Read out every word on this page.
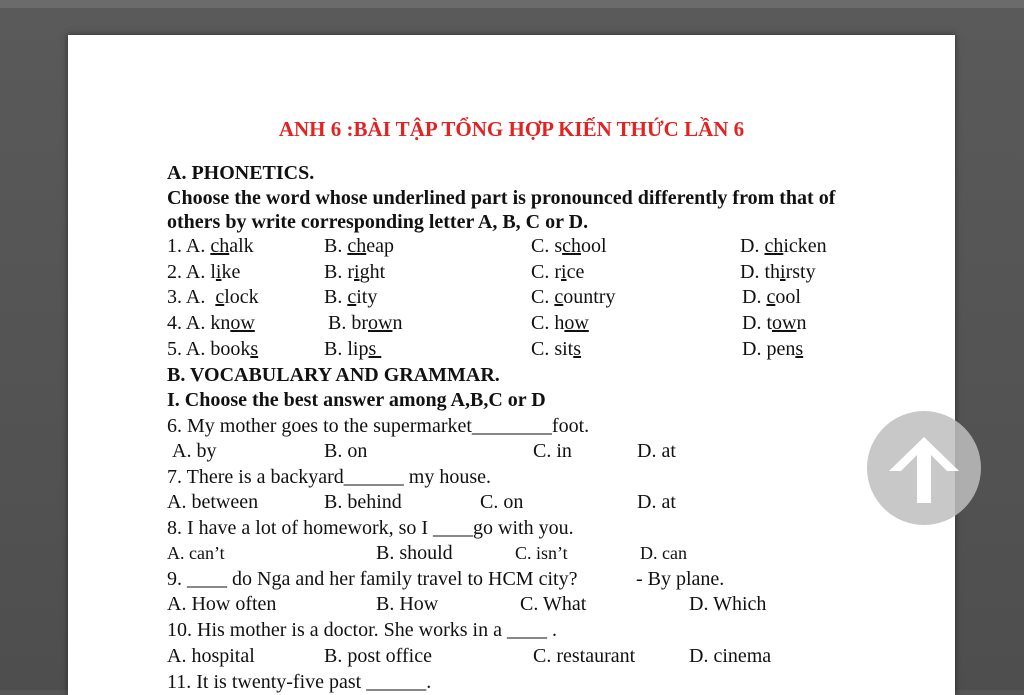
ANH 6 :BÀI TẬP TỔNG HỢP KIẾN THỨC LẦN 6
A. PHONETICS.
Choose the word whose underlined part is pronounced differently from that of
others by write corresponding letter A, B, C or D.
1. A. chalk	B. cheap	C. school	D. chicken
2. A. like	B. right	C. rice	D. thirsty
3. A.  clock	B. city	C. country	D. cool
4. A. know	B. brown	C. how	D. town
5. A. books	B. lips	C. sits	D. pens
B. VOCABULARY AND GRAMMAR.
I. Choose the best answer among A,B,C or D
6. My mother goes to the supermarket________foot.
A. by	B. on	C. in	D. at
7. There is a backyard______ my house.
A. between	B. behind	C. on	D. at
8. I have a lot of homework, so I ____go with you.
A. can’t	B. should	C. isn’t	D. can
9. ____ do Nga and her family travel to HCM city?	- By plane.
A. How often	B. How	C. What	D. Which
10. His mother is a doctor. She works in a ____ .
A. hospital	B. post office	C. restaurant	D. cinema
11. It is twenty-five past ______.
